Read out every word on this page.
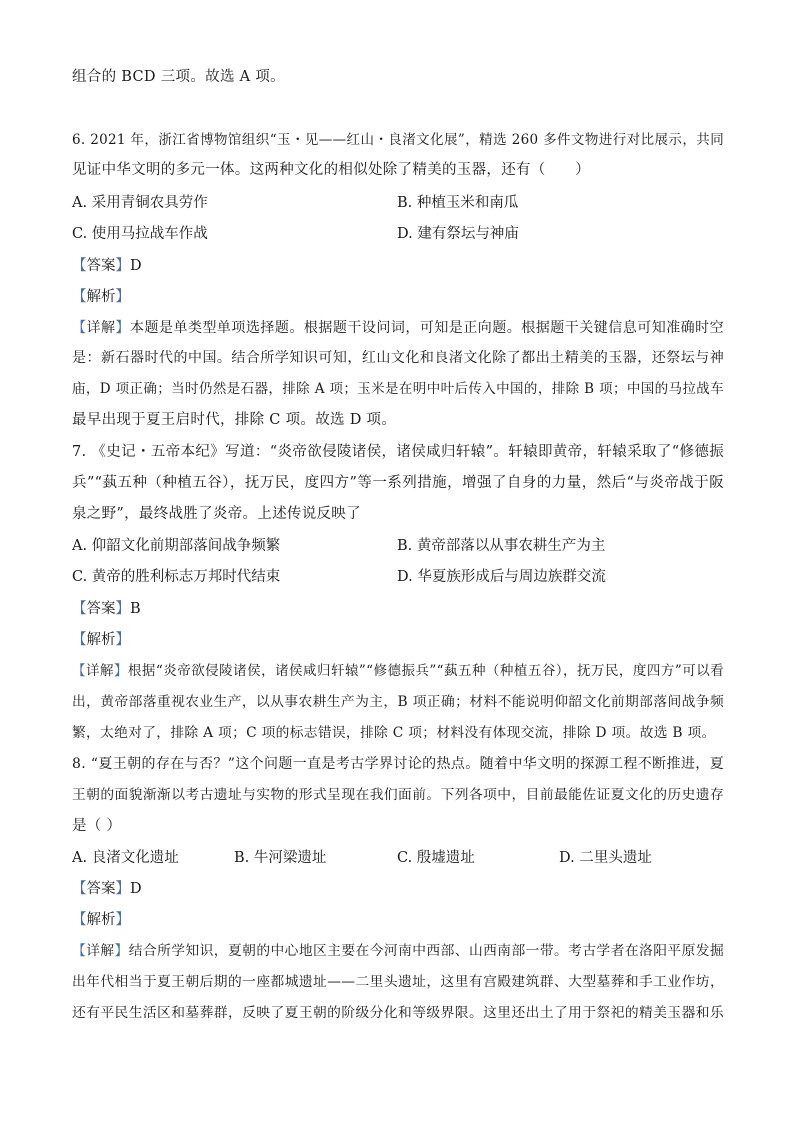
组合的 BCD 三项。故选 A 项。
6. 2021 年，浙江省博物馆组织“玉・见——红山・良渚文化展”，精选 260 多件文物进行对比展示，共同
见证中华文明的多元一体。这两种文化的相似处除了精美的玉器，还有（　　）
A. 采用青铜农具劳作	B. 种植玉米和南瓜
C. 使用马拉战车作战	D. 建有祭坛与神庙
【答案】D
【解析】
【详解】本题是单类型单项选择题。根据题干设问词，可知是正向题。根据题干关键信息可知准确时空
是：新石器时代的中国。结合所学知识可知，红山文化和良渚文化除了都出土精美的玉器，还祭坛与神
庙，D 项正确；当时仍然是石器，排除 A 项；玉米是在明中叶后传入中国的，排除 B 项；中国的马拉战车
最早出现于夏王启时代，排除 C 项。故选 D 项。
7. 《史记・五帝本纪》写道：“炎帝欲侵陵诸侯，诸侯咸归轩辕”。轩辕即黄帝，轩辕采取了“修德振
兵”“蓺五种（种植五谷），抚万民，度四方”等一系列措施，增强了自身的力量，然后“与炎帝战于阪
泉之野”，最终战胜了炎帝。上述传说反映了
A. 仰韶文化前期部落间战争频繁	B. 黄帝部落以从事农耕生产为主
C. 黄帝的胜利标志万邦时代结束	D. 华夏族形成后与周边族群交流
【答案】B
【解析】
【详解】根据“炎帝欲侵陵诸侯，诸侯咸归轩辕”“修德振兵”“蓺五种（种植五谷），抚万民，度四方”可以看
出，黄帝部落重视农业生产，以从事农耕生产为主，B 项正确；材料不能说明仰韶文化前期部落间战争频
繁，太绝对了，排除 A 项；C 项的标志错误，排除 C 项；材料没有体现交流，排除 D 项。故选 B 项。
8. “夏王朝的存在与否？”这个问题一直是考古学界讨论的热点。随着中华文明的探源工程不断推进，夏
王朝的面貌渐渐以考古遗址与实物的形式呈现在我们面前。下列各项中，目前最能佐证夏文化的历史遗存
是（ ）
A. 良渚文化遗址	B. 牛河梁遗址	C. 殷墟遗址	D. 二里头遗址
【答案】D
【解析】
【详解】结合所学知识，夏朝的中心地区主要在今河南中西部、山西南部一带。考古学者在洛阳平原发掘
出年代相当于夏王朝后期的一座都城遗址——二里头遗址，这里有宫殿建筑群、大型墓葬和手工业作坊，
还有平民生活区和墓葬群，反映了夏王朝的阶级分化和等级界限。这里还出土了用于祭祀的精美玉器和乐
